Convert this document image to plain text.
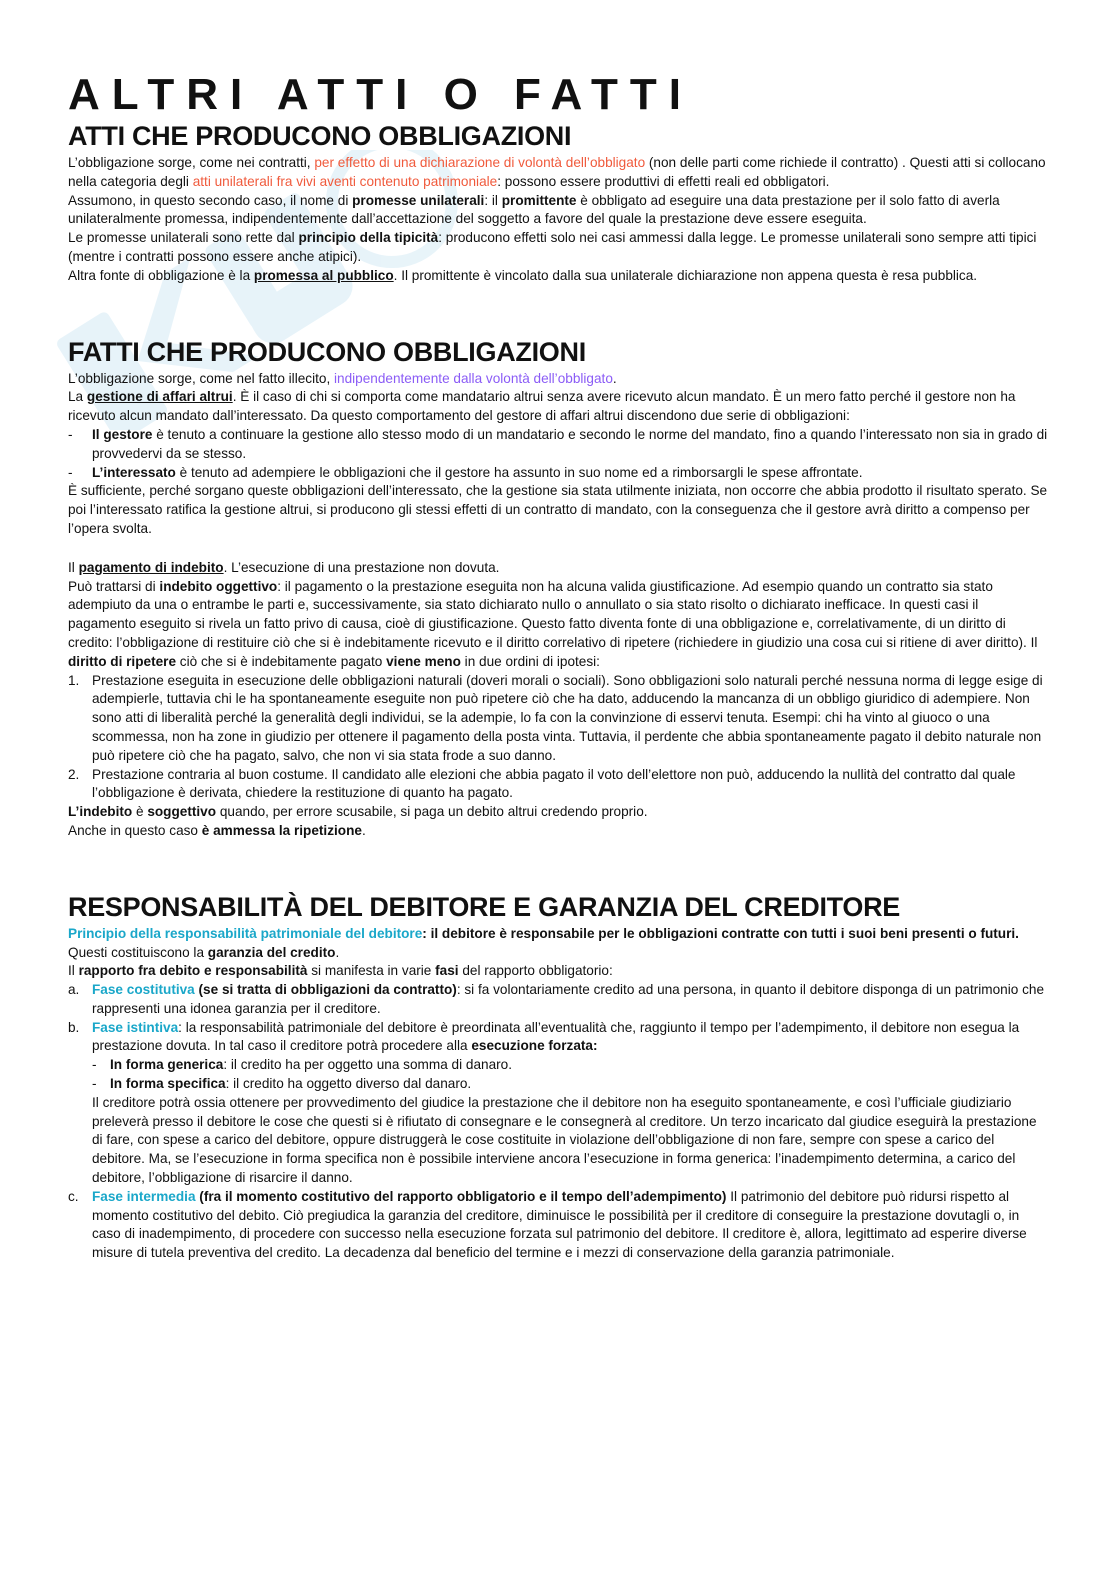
ALTRI ATTI O FATTI
ATTI CHE PRODUCONO OBBLIGAZIONI

L’obbligazione sorge, come nei contratti, per effetto di una dichiarazione di volontà dell’obbligato (non delle parti come richiede il contratto) . Questi atti si collocano nella categoria degli atti unilaterali fra vivi aventi contenuto patrimoniale: possono essere produttivi di effetti reali ed obbligatori.

Assumono, in questo secondo caso, il nome di promesse unilaterali: il promittente è obbligato ad eseguire una data prestazione per il solo fatto di averla unilateralmente promessa, indipendentemente dall’accettazione del soggetto a favore del quale la prestazione deve essere eseguita.

Le promesse unilaterali sono rette dal principio della tipicità: producono effetti solo nei casi ammessi dalla legge. Le promesse unilaterali sono sempre atti tipici (mentre i contratti possono essere anche atipici).

Altra fonte di obbligazione è la promessa al pubblico. Il promittente è vincolato dalla sua unilaterale dichiarazione non appena questa è resa pubblica.

FATTI CHE PRODUCONO OBBLIGAZIONI

L’obbligazione sorge, come nel fatto illecito, indipendentemente dalla volontà dell’obbligato.

La gestione di affari altrui. È il caso di chi si comporta come mandatario altrui senza avere ricevuto alcun mandato. È un mero fatto perché il gestore non ha ricevuto alcun mandato dall’interessato. Da questo comportamento del gestore di affari altrui discendono due serie di obbligazioni:

-	Il gestore è tenuto a continuare la gestione allo stesso modo di un mandatario e secondo le norme del mandato, fino a quando l’interessato non sia in grado di provvedervi da se stesso.
-	L’interessato è tenuto ad adempiere le obbligazioni che il gestore ha assunto in suo nome ed a rimborsargli le spese affrontate.

È sufficiente, perché sorgano queste obbligazioni dell’interessato, che la gestione sia stata utilmente iniziata, non occorre che abbia prodotto il risultato sperato. Se poi l’interessato ratifica la gestione altrui, si producono gli stessi effetti di un contratto di mandato, con la conseguenza che il gestore avrà diritto a compenso per l’opera svolta.

Il pagamento di indebito. L’esecuzione di una prestazione non dovuta.

Può trattarsi di indebito oggettivo: il pagamento o la prestazione eseguita non ha alcuna valida giustificazione. Ad esempio quando un contratto sia stato adempiuto da una o entrambe le parti e, successivamente, sia stato dichiarato nullo o annullato o sia stato risolto o dichiarato inefficace. In questi casi il pagamento eseguito si rivela un fatto privo di causa, cioè di giustificazione. Questo fatto diventa fonte di una obbligazione e, correlativamente, di un diritto di credito: l’obbligazione di restituire ciò che si è indebitamente ricevuto e il diritto correlativo di ripetere (richiedere in giudizio una cosa cui si ritiene di aver diritto). Il diritto di ripetere ciò che si è indebitamente pagato viene meno in due ordini di ipotesi:

1. Prestazione eseguita in esecuzione delle obbligazioni naturali (doveri morali o sociali). Sono obbligazioni solo naturali perché nessuna norma di legge esige di adempierle, tuttavia chi le ha spontaneamente eseguite non può ripetere ciò che ha dato, adducendo la mancanza di un obbligo giuridico di adempiere. Non sono atti di liberalità perché la generalità degli individui, se la adempie, lo fa con la convinzione di esservi tenuta. Esempi: chi ha vinto al giuoco o una scommessa, non ha zone in giudizio per ottenere il pagamento della posta vinta. Tuttavia, il perdente che abbia spontaneamente pagato il debito naturale non può ripetere ciò che ha pagato, salvo, che non vi sia stata frode a suo danno.
2. Prestazione contraria al buon costume. Il candidato alle elezioni che abbia pagato il voto dell’elettore non può, adducendo la nullità del contratto dal quale l’obbligazione è derivata, chiedere la restituzione di quanto ha pagato.

L’indebito è soggettivo quando, per errore scusabile, si paga un debito altrui credendo proprio.

Anche in questo caso è ammessa la ripetizione.

RESPONSABILITÀ DEL DEBITORE E GARANZIA DEL CREDITORE

Principio della responsabilità patrimoniale del debitore: il debitore è responsabile per le obbligazioni contratte con tutti i suoi beni presenti o futuri.

Questi costituiscono la garanzia del credito.

Il rapporto fra debito e responsabilità si manifesta in varie fasi del rapporto obbligatorio:

a. Fase costitutiva (se si tratta di obbligazioni da contratto): si fa volontariamente credito ad una persona, in quanto il debitore disponga di un patrimonio che rappresenti una idonea garanzia per il creditore.
b. Fase istintiva: la responsabilità patrimoniale del debitore è preordinata all’eventualità che, raggiunto il tempo per l’adempimento, il debitore non esegua la prestazione dovuta. In tal caso il creditore potrà procedere alla esecuzione forzata:
- In forma generica: il credito ha per oggetto una somma di danaro.
- In forma specifica: il credito ha oggetto diverso dal danaro.

Il creditore potrà ossia ottenere per provvedimento del giudice la prestazione che il debitore non ha eseguito spontaneamente, e così l’ufficiale giudiziario preleverà presso il debitore le cose che questi si è rifiutato di consegnare e le consegnerà al creditore. Un terzo incaricato dal giudice eseguirà la prestazione di fare, con spese a carico del debitore, oppure distruggerà le cose costituite in violazione dell’obbligazione di non fare, sempre con spese a carico del debitore. Ma, se l’esecuzione in forma specifica non è possibile interviene ancora l’esecuzione in forma generica: l’inadempimento determina, a carico del debitore, l’obbligazione di risarcire il danno.

c. Fase intermedia (fra il momento costitutivo del rapporto obbligatorio e il tempo dell’adempimento) Il patrimonio del debitore può ridursi rispetto al momento costitutivo del debito. Ciò pregiudica la garanzia del creditore, diminuisce le possibilità per il creditore di conseguire la prestazione dovutagli o, in caso di inadempimento, di procedere con successo nella esecuzione forzata sul patrimonio del debitore. Il creditore è, allora, legittimato ad esperire diverse misure di tutela preventiva del credito. La decadenza dal beneficio del termine e i mezzi di conservazione della garanzia patrimoniale.
